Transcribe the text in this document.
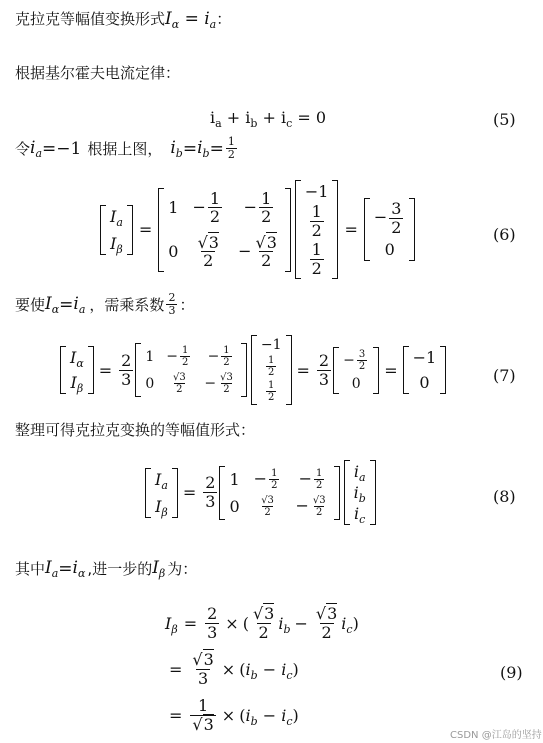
克拉克等幅值变换形式$I_\alpha = i_a$：
根据基尔霍夫电流定律：
$i_a + i_b + i_c = 0$	(5)
令 $i_a = -1$ 根据上图， $i_b = i_b = \frac{1}{2}$
$I_a$
$I_\beta$
=
$1 - \frac{1}{2} - \frac{1}{2}$
$0 \frac{√3}{2} - \frac{√3}{2}$
−1
$\frac{1}{2}$
$\frac{1}{2}$
=
− $\frac{3}{2}$
0
(6)
要使 $I_\alpha = i_a$ ，需乘系数 $\frac{2}{3}$ ：
$I_\alpha$
$I_\beta$
= $\frac{2}{3} 1 - \frac{1}{2} - \frac{1}{2}$
$0 \frac{√3}{2} - \frac{√3}{2}$
−1
$\frac{1}{2}$
$\frac{1}{2}$
= $\frac{2}{3} - \frac{3}{2}$
0
=
−1
0	(7)
整理可得克拉克变换的等幅值形式：
$I_a$
$I_\beta$
= $\frac{2}{3} 1 - \frac{1}{2} - \frac{1}{2}$
$0 \frac{√3}{2} - \frac{√3}{2}$
$i_a$
$i_b$
$i_c$
(8)
其中 $I_a = i_\alpha$ ,进一步的 $I_\beta$ 为：
$I_\beta = \frac{2}{3}$ × ( $\frac{√3}{2} i_b - \frac{√3}{2} i_c$ )
= $\frac{√3}{3} \times (i_b - i_c)$
= $\frac{1}{√3} \times (i_b - i_c)$
(9)
CSDN @江岛的坚持
